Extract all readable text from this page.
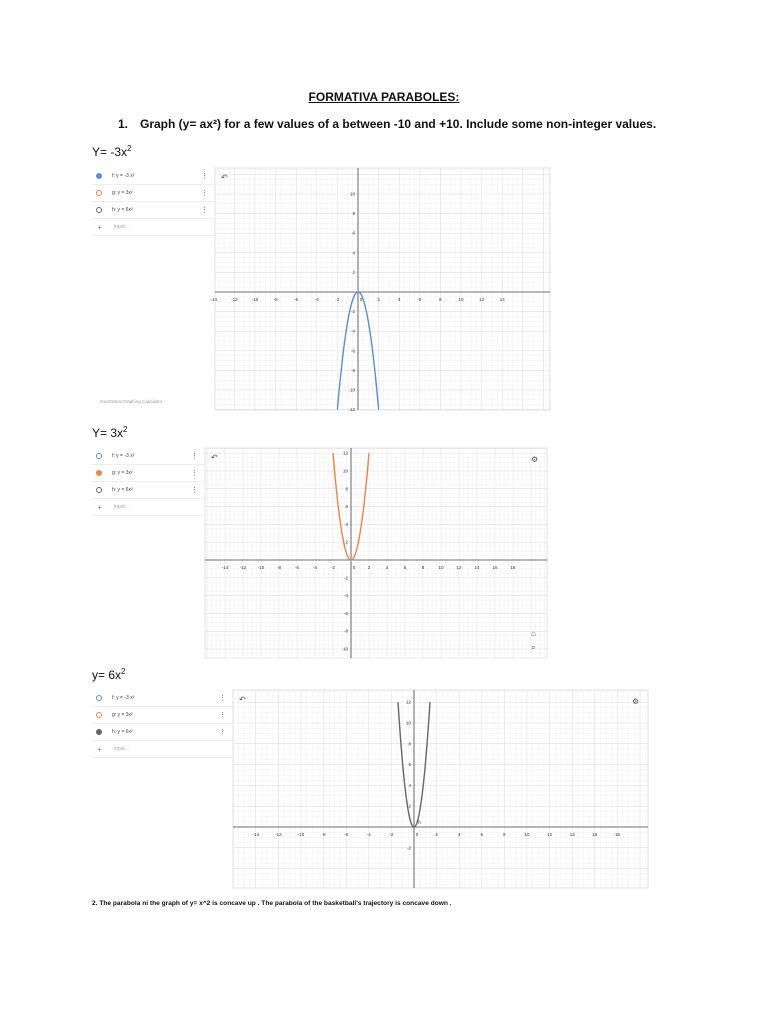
FORMATIVA PARABOLES:
1. Graph (y= ax²) for a few values of a between -10 and +10. Include some non-integer values.
$Y= -3x^2$
f: y = -3 x²	⋮
g: y = 3x²	⋮
h: y = 6x²	⋮
+ Input...
GeoGebra Graphing Calculator
-14	-12	-10	-8	-6	-4	-2	0	2	4	6	8	10	12	14
10
8
6
4
2
-2
-4
-6
-8
-10
-12
↶
$Y= 3x^2$
f: y = -3 x²	⋮
g: y = 3x²	⋮
h: y = 6x²	⋮
+ Input...
-14	-12	-10	-8	-6	-4	-2	0	2	4	6	8	10	12	14	16	18
12
10
8
6
4
2
-2
-4
-6
-8
-10
↶	⚙
⌂
⌕
$y= 6x^2$
f: y = -3 x²	⋮
g: y = 3x²	⋮
h: y = 6x²	⋮
+ Input...
-14	-12	-10	-8	-6	-4	-2	0	2	4	6	8	10	12	14	16	18
12
10
8
6
4
2
-2
h
↶	⚙
2. The parabola ni the graph of y= x^2 is concave up . The parabola of the basketball's trajectory is concave down .
